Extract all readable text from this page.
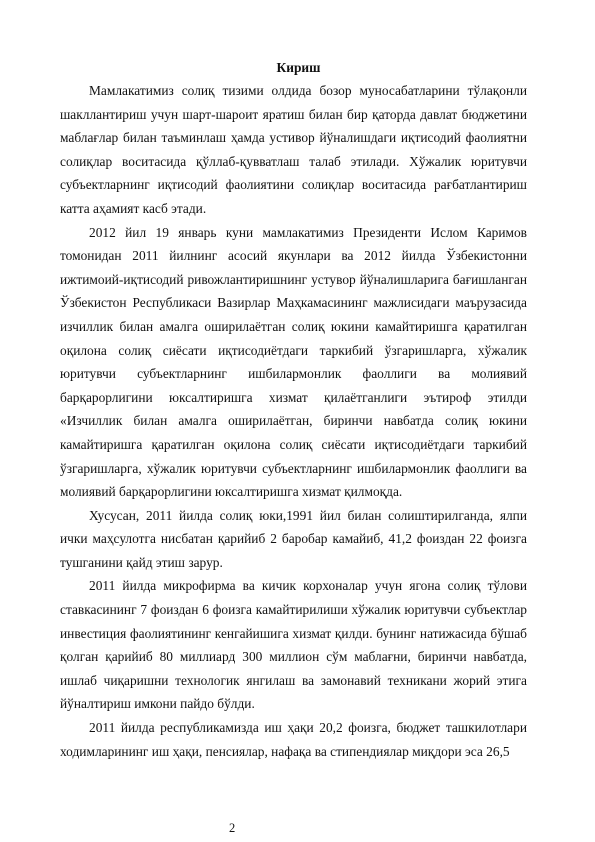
Кириш

Мамлакатимиз солиқ тизими олдида бозор муносабатларини тўлақонли шакллантириш учун шарт-шароит яратиш билан бир қаторда давлат бюджетини маблағлар билан таъминлаш ҳамда устивор йўналишдаги иқтисодий фаолиятни солиқлар воситасида қўллаб-қувватлаш талаб этилади. Хўжалик юритувчи субъектларнинг иқтисодий фаолиятини солиқлар воситасида рағбатлантириш катта аҳамият касб этади.

2012 йил 19 январь куни мамлакатимиз Президенти Ислом Каримов томонидан 2011 йилнинг асосий якунлари ва 2012 йилда Ўзбекистонни ижтимоий-иқтисодий ривожлантиришнинг устувор йўналишларига бағишланган Ўзбекистон Республикаси Вазирлар Маҳкамасининг мажлисидаги маърузасида изчиллик билан амалга оширилаётган солиқ юкини камайтиришга қаратилган оқилона солиқ сиёсати иқтисодиётдаги таркибий ўзгаришларга, хўжалик юритувчи субъектларнинг ишбилармонлик фаоллиги ва молиявий барқарорлигини юксалтиришга хизмат қилаётганлиги эътироф этилди «Изчиллик билан амалга оширилаётган, биринчи навбатда солиқ юкини камайтиришга қаратилган оқилона солиқ сиёсати иқтисодиётдаги таркибий ўзгаришларга, хўжалик юритувчи субъектларнинг ишбилармонлик фаоллиги ва молиявий барқарорлигини юксалтиришга хизмат қилмоқда.

Хусусан, 2011 йилда солиқ юки,1991 йил билан солиштирилганда, ялпи ички маҳсулотга нисбатан қарийиб 2 баробар камайиб, 41,2 фоиздан 22 фоизга тушганини қайд этиш зарур.

2011 йилда микрофирма ва кичик корхоналар учун ягона солиқ тўлови ставкасининг 7 фоиздан 6 фоизга камайтирилиши хўжалик юритувчи субъектлар инвестиция фаолиятининг кенгайишига хизмат қилди. бунинг натижасида бўшаб қолган қарийиб 80 миллиард 300 миллион сўм маблағни, биринчи навбатда, ишлаб чиқаришни технологик янгилаш ва замонавий техникани жорий этига йўналтириш имкони пайдо бўлди.

2011 йилда республикамизда иш ҳақи 20,2 фоизга, бюджет ташкилотлари ходимларининг иш ҳақи, пенсиялар, нафақа ва стипендиялар миқдори эса 26,5

2
